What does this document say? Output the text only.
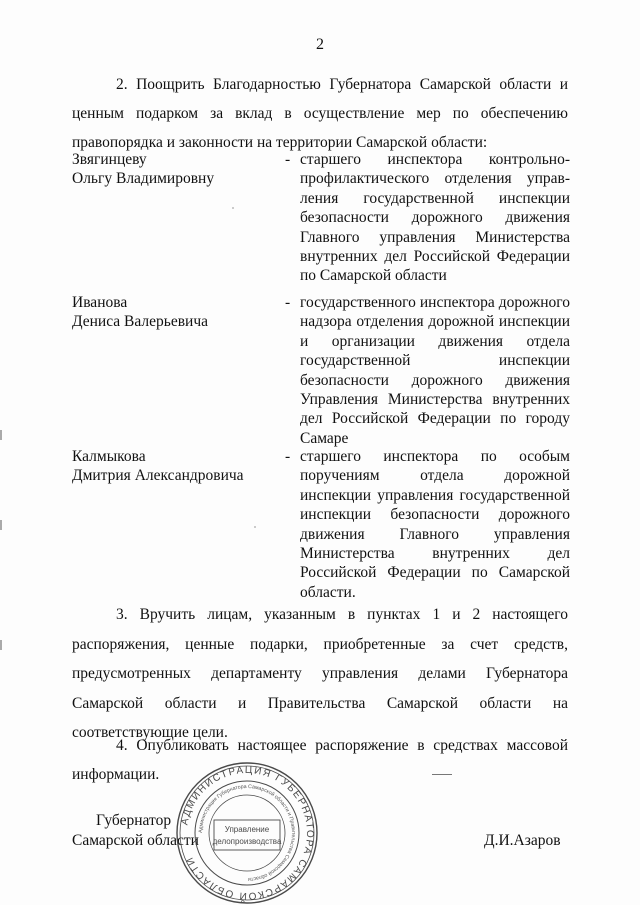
2

2. Поощрить Благодарностью Губернатора Самарской области и ценным подарком за вклад в осуществление мер по обеспечению правопорядка и законности на территории Самарской области:

Звягинцеву
Ольгу Владимировну

- старшего инспектора контрольно-профилактического отделения управления государственной инспекции безопасности дорожного движения Главного управления Министерства внутренних дел Российской Федерации по Самарской области

Иванова
Дениса Валерьевича

- государственного инспектора дорожного надзора отделения дорожной инспекции и организации движения отдела государственной инспекции безопасности дорожного движения Управления Министерства внутренних дел Российской Федерации по городу Самаре

Калмыкова
Дмитрия Александровича

- старшего инспектора по особым поручениям отдела дорожной инспекции управления государственной инспекции безопасности дорожного движения Главного управления Министерства внутренних дел Российской Федерации по Самарской области.

3. Вручить лицам, указанным в пунктах 1 и 2 настоящего распоряжения, ценные подарки, приобретенные за счет средств, предусмотренных департаменту управления делами Губернатора Самарской области и Правительства Самарской области на соответствующие цели.

4. Опубликовать настоящее распоряжение в средствах массовой информации.

Губернатор
Самарской области	Д.И.Азаров
АДМИНИСТРАЦИЯ ГУБЕРНАТОРА САМАРСКОЙ ОБЛАСТИ
Администрация Губернатора Самарской области и Правительства Самарской области
Управление
делопроизводства
